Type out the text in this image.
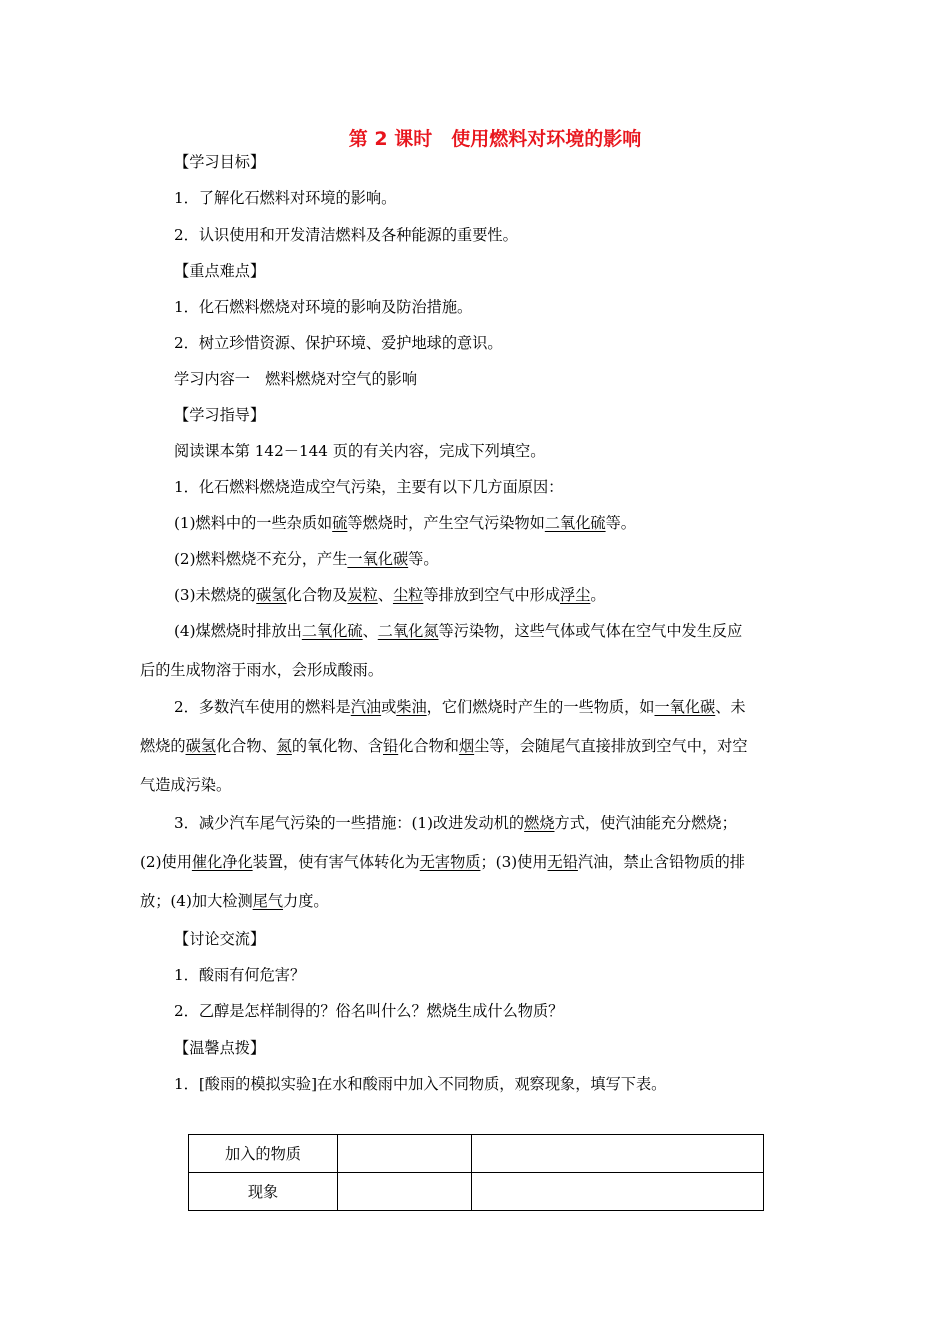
第 2 课时　使用燃料对环境的影响
【学习目标】
1．了解化石燃料对环境的影响。
2．认识使用和开发清洁燃料及各种能源的重要性。
【重点难点】
1．化石燃料燃烧对环境的影响及防治措施。
2．树立珍惜资源、保护环境、爱护地球的意识。
学习内容一　燃料燃烧对空气的影响
【学习指导】
阅读课本第 142－144 页的有关内容，完成下列填空。
1．化石燃料燃烧造成空气污染，主要有以下几方面原因：
(1)燃料中的一些杂质如硫等燃烧时，产生空气污染物如二氧化硫等。
(2)燃料燃烧不充分，产生一氧化碳等。
(3)未燃烧的碳氢化合物及炭粒、尘粒等排放到空气中形成浮尘。
(4)煤燃烧时排放出二氧化硫、二氧化氮等污染物，这些气体或气体在空气中发生反应
后的生成物溶于雨水，会形成酸雨。
2．多数汽车使用的燃料是汽油或柴油，它们燃烧时产生的一些物质，如一氧化碳、未
燃烧的碳氢化合物、氮的氧化物、含铅化合物和烟尘等，会随尾气直接排放到空气中，对空
气造成污染。
3．减少汽车尾气污染的一些措施：(1)改进发动机的燃烧方式，使汽油能充分燃烧；
(2)使用催化净化装置，使有害气体转化为无害物质；(3)使用无铅汽油，禁止含铅物质的排
放；(4)加大检测尾气力度。
【讨论交流】
1．酸雨有何危害？
2．乙醇是怎样制得的？俗名叫什么？燃烧生成什么物质？
【温馨点拨】
1．[酸雨的模拟实验]在水和酸雨中加入不同物质，观察现象，填写下表。
加入的物质		
现象		
